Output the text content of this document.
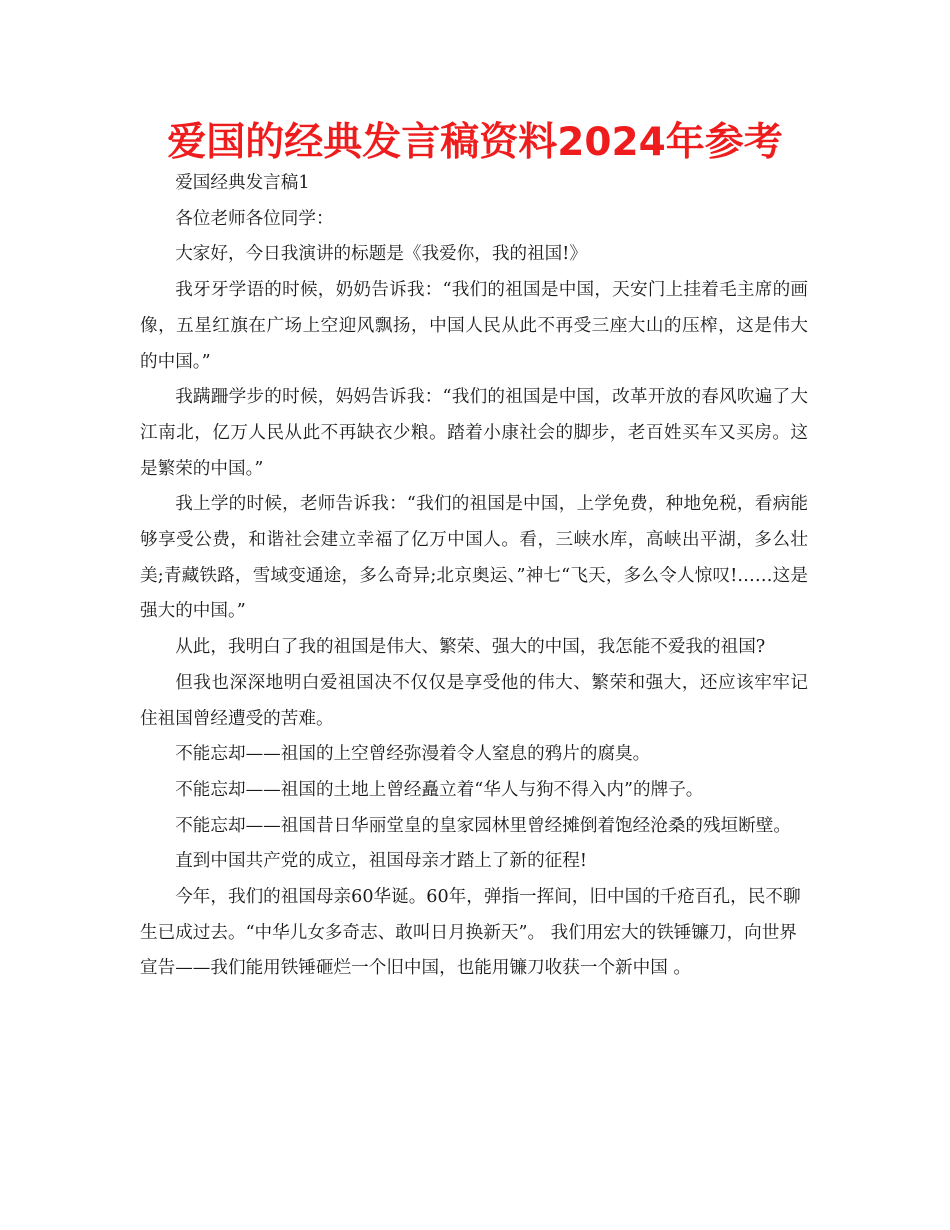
爱国的经典发言稿资料2024年参考

爱国经典发言稿1

各位老师各位同学：

大家好，今日我演讲的标题是《我爱你，我的祖国!》

我牙牙学语的时候，奶奶告诉我：“我们的祖国是中国，天安门上挂着毛主席的画像，五星红旗在广场上空迎风飘扬，中国人民从此不再受三座大山的压榨，这是伟大的中国。”

我蹒跚学步的时候，妈妈告诉我：“我们的祖国是中国，改革开放的春风吹遍了大江南北，亿万人民从此不再缺衣少粮。踏着小康社会的脚步，老百姓买车又买房。这是繁荣的中国。”

我上学的时候，老师告诉我：“我们的祖国是中国，上学免费，种地免税，看病能够享受公费，和谐社会建立幸福了亿万中国人。看，三峡水库，高峡出平湖，多么壮美;青藏铁路，雪域变通途，多么奇异;北京奥运、”神七“飞天，多么令人惊叹!……这是强大的中国。”

从此，我明白了我的祖国是伟大、繁荣、强大的中国，我怎能不爱我的祖国?

但我也深深地明白爱祖国决不仅仅是享受他的伟大、繁荣和强大，还应该牢牢记住祖国曾经遭受的苦难。

不能忘却——祖国的上空曾经弥漫着令人窒息的鸦片的腐臭。

不能忘却——祖国的土地上曾经矗立着“华人与狗不得入内”的牌子。

不能忘却——祖国昔日华丽堂皇的皇家园林里曾经摊倒着饱经沧桑的残垣断壁。

直到中国共产党的成立，祖国母亲才踏上了新的征程!

今年，我们的祖国母亲60华诞。60年，弹指一挥间，旧中国的千疮百孔，民不聊生已成过去。“中华儿女多奇志、敢叫日月换新天”。 我们用宏大的铁锤镰刀，向世界宣告——我们能用铁锤砸烂一个旧中国，也能用镰刀收获一个新中国 。
